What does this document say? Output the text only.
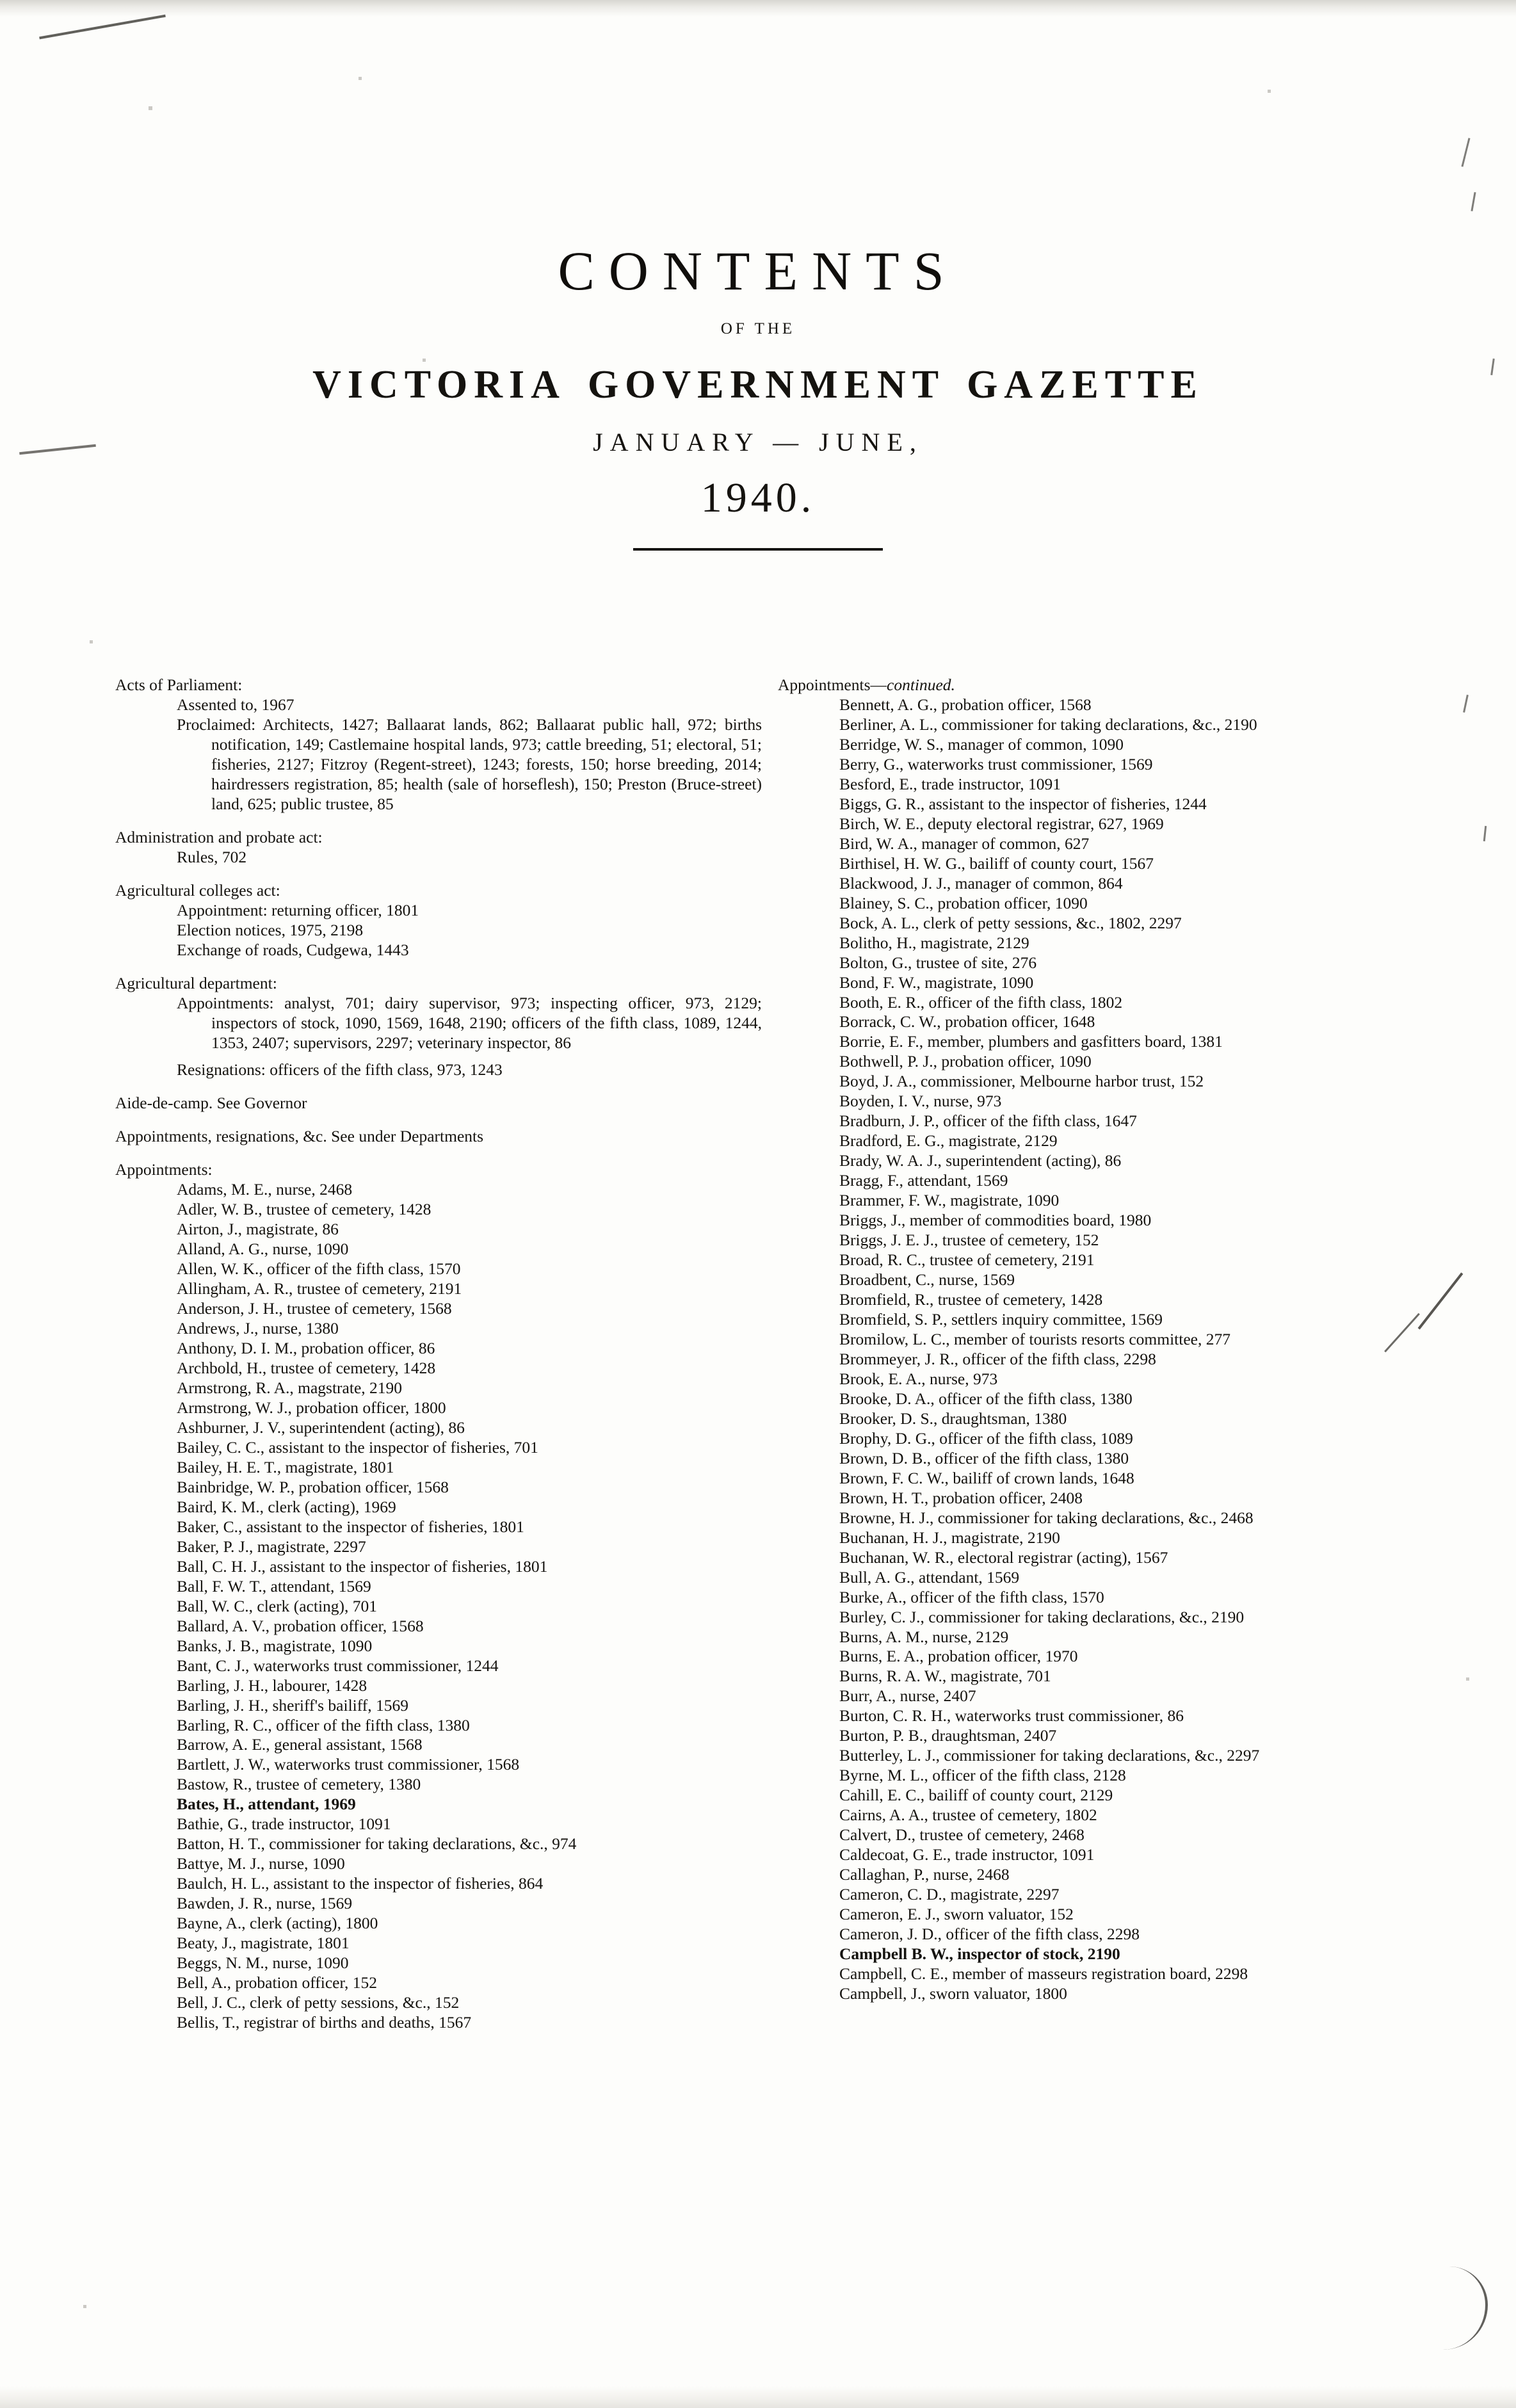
CONTENTS
OF THE
VICTORIA GOVERNMENT GAZETTE
JANUARY — JUNE,
1940.
Acts of Parliament:
Assented to, 1967
Proclaimed: Architects, 1427; Ballaarat lands, 862; Ballaarat public hall, 972; births notification, 149; Castlemaine hospital lands, 973; cattle breeding, 51; electoral, 51; fisheries, 2127; Fitzroy (Regent-street), 1243; forests, 150; horse breeding, 2014; hairdressers registration, 85; health (sale of horseflesh), 150; Preston (Bruce-street) land, 625; public trustee, 85
Administration and probate act:
Rules, 702
Agricultural colleges act:
Appointment: returning officer, 1801
Election notices, 1975, 2198
Exchange of roads, Cudgewa, 1443
Agricultural department:
Appointments: analyst, 701; dairy supervisor, 973; inspecting officer, 973, 2129; inspectors of stock, 1090, 1569, 1648, 2190; officers of the fifth class, 1089, 1244, 1353, 2407; supervisors, 2297; veterinary inspector, 86
Resignations: officers of the fifth class, 973, 1243
Aide-de-camp. See Governor
Appointments, resignations, &c. See under Departments
Appointments:
Adams, M. E., nurse, 2468
Adler, W. B., trustee of cemetery, 1428
Airton, J., magistrate, 86
Alland, A. G., nurse, 1090
Allen, W. K., officer of the fifth class, 1570
Allingham, A. R., trustee of cemetery, 2191
Anderson, J. H., trustee of cemetery, 1568
Andrews, J., nurse, 1380
Anthony, D. I. M., probation officer, 86
Archbold, H., trustee of cemetery, 1428
Armstrong, R. A., magstrate, 2190
Armstrong, W. J., probation officer, 1800
Ashburner, J. V., superintendent (acting), 86
Bailey, C. C., assistant to the inspector of fisheries, 701
Bailey, H. E. T., magistrate, 1801
Bainbridge, W. P., probation officer, 1568
Baird, K. M., clerk (acting), 1969
Baker, C., assistant to the inspector of fisheries, 1801
Baker, P. J., magistrate, 2297
Ball, C. H. J., assistant to the inspector of fisheries, 1801
Ball, F. W. T., attendant, 1569
Ball, W. C., clerk (acting), 701
Ballard, A. V., probation officer, 1568
Banks, J. B., magistrate, 1090
Bant, C. J., waterworks trust commissioner, 1244
Barling, J. H., labourer, 1428
Barling, J. H., sheriff's bailiff, 1569
Barling, R. C., officer of the fifth class, 1380
Barrow, A. E., general assistant, 1568
Bartlett, J. W., waterworks trust commissioner, 1568
Bastow, R., trustee of cemetery, 1380
Bates, H., attendant, 1969
Bathie, G., trade instructor, 1091
Batton, H. T., commissioner for taking declarations, &c., 974
Battye, M. J., nurse, 1090
Baulch, H. L., assistant to the inspector of fisheries, 864
Bawden, J. R., nurse, 1569
Bayne, A., clerk (acting), 1800
Beaty, J., magistrate, 1801
Beggs, N. M., nurse, 1090
Bell, A., probation officer, 152
Bell, J. C., clerk of petty sessions, &c., 152
Bellis, T., registrar of births and deaths, 1567
Appointments—continued.
Bennett, A. G., probation officer, 1568
Berliner, A. L., commissioner for taking declarations, &c., 2190
Berridge, W. S., manager of common, 1090
Berry, G., waterworks trust commissioner, 1569
Besford, E., trade instructor, 1091
Biggs, G. R., assistant to the inspector of fisheries, 1244
Birch, W. E., deputy electoral registrar, 627, 1969
Bird, W. A., manager of common, 627
Birthisel, H. W. G., bailiff of county court, 1567
Blackwood, J. J., manager of common, 864
Blainey, S. C., probation officer, 1090
Bock, A. L., clerk of petty sessions, &c., 1802, 2297
Bolitho, H., magistrate, 2129
Bolton, G., trustee of site, 276
Bond, F. W., magistrate, 1090
Booth, E. R., officer of the fifth class, 1802
Borrack, C. W., probation officer, 1648
Borrie, E. F., member, plumbers and gasfitters board, 1381
Bothwell, P. J., probation officer, 1090
Boyd, J. A., commissioner, Melbourne harbor trust, 152
Boyden, I. V., nurse, 973
Bradburn, J. P., officer of the fifth class, 1647
Bradford, E. G., magistrate, 2129
Brady, W. A. J., superintendent (acting), 86
Bragg, F., attendant, 1569
Brammer, F. W., magistrate, 1090
Briggs, J., member of commodities board, 1980
Briggs, J. E. J., trustee of cemetery, 152
Broad, R. C., trustee of cemetery, 2191
Broadbent, C., nurse, 1569
Bromfield, R., trustee of cemetery, 1428
Bromfield, S. P., settlers inquiry committee, 1569
Bromilow, L. C., member of tourists resorts committee, 277
Brommeyer, J. R., officer of the fifth class, 2298
Brook, E. A., nurse, 973
Brooke, D. A., officer of the fifth class, 1380
Brooker, D. S., draughtsman, 1380
Brophy, D. G., officer of the fifth class, 1089
Brown, D. B., officer of the fifth class, 1380
Brown, F. C. W., bailiff of crown lands, 1648
Brown, H. T., probation officer, 2408
Browne, H. J., commissioner for taking declarations, &c., 2468
Buchanan, H. J., magistrate, 2190
Buchanan, W. R., electoral registrar (acting), 1567
Bull, A. G., attendant, 1569
Burke, A., officer of the fifth class, 1570
Burley, C. J., commissioner for taking declarations, &c., 2190
Burns, A. M., nurse, 2129
Burns, E. A., probation officer, 1970
Burns, R. A. W., magistrate, 701
Burr, A., nurse, 2407
Burton, C. R. H., waterworks trust commissioner, 86
Burton, P. B., draughtsman, 2407
Butterley, L. J., commissioner for taking declarations, &c., 2297
Byrne, M. L., officer of the fifth class, 2128
Cahill, E. C., bailiff of county court, 2129
Cairns, A. A., trustee of cemetery, 1802
Calvert, D., trustee of cemetery, 2468
Caldecoat, G. E., trade instructor, 1091
Callaghan, P., nurse, 2468
Cameron, C. D., magistrate, 2297
Cameron, E. J., sworn valuator, 152
Cameron, J. D., officer of the fifth class, 2298
Campbell B. W., inspector of stock, 2190
Campbell, C. E., member of masseurs registration board, 2298
Campbell, J., sworn valuator, 1800
